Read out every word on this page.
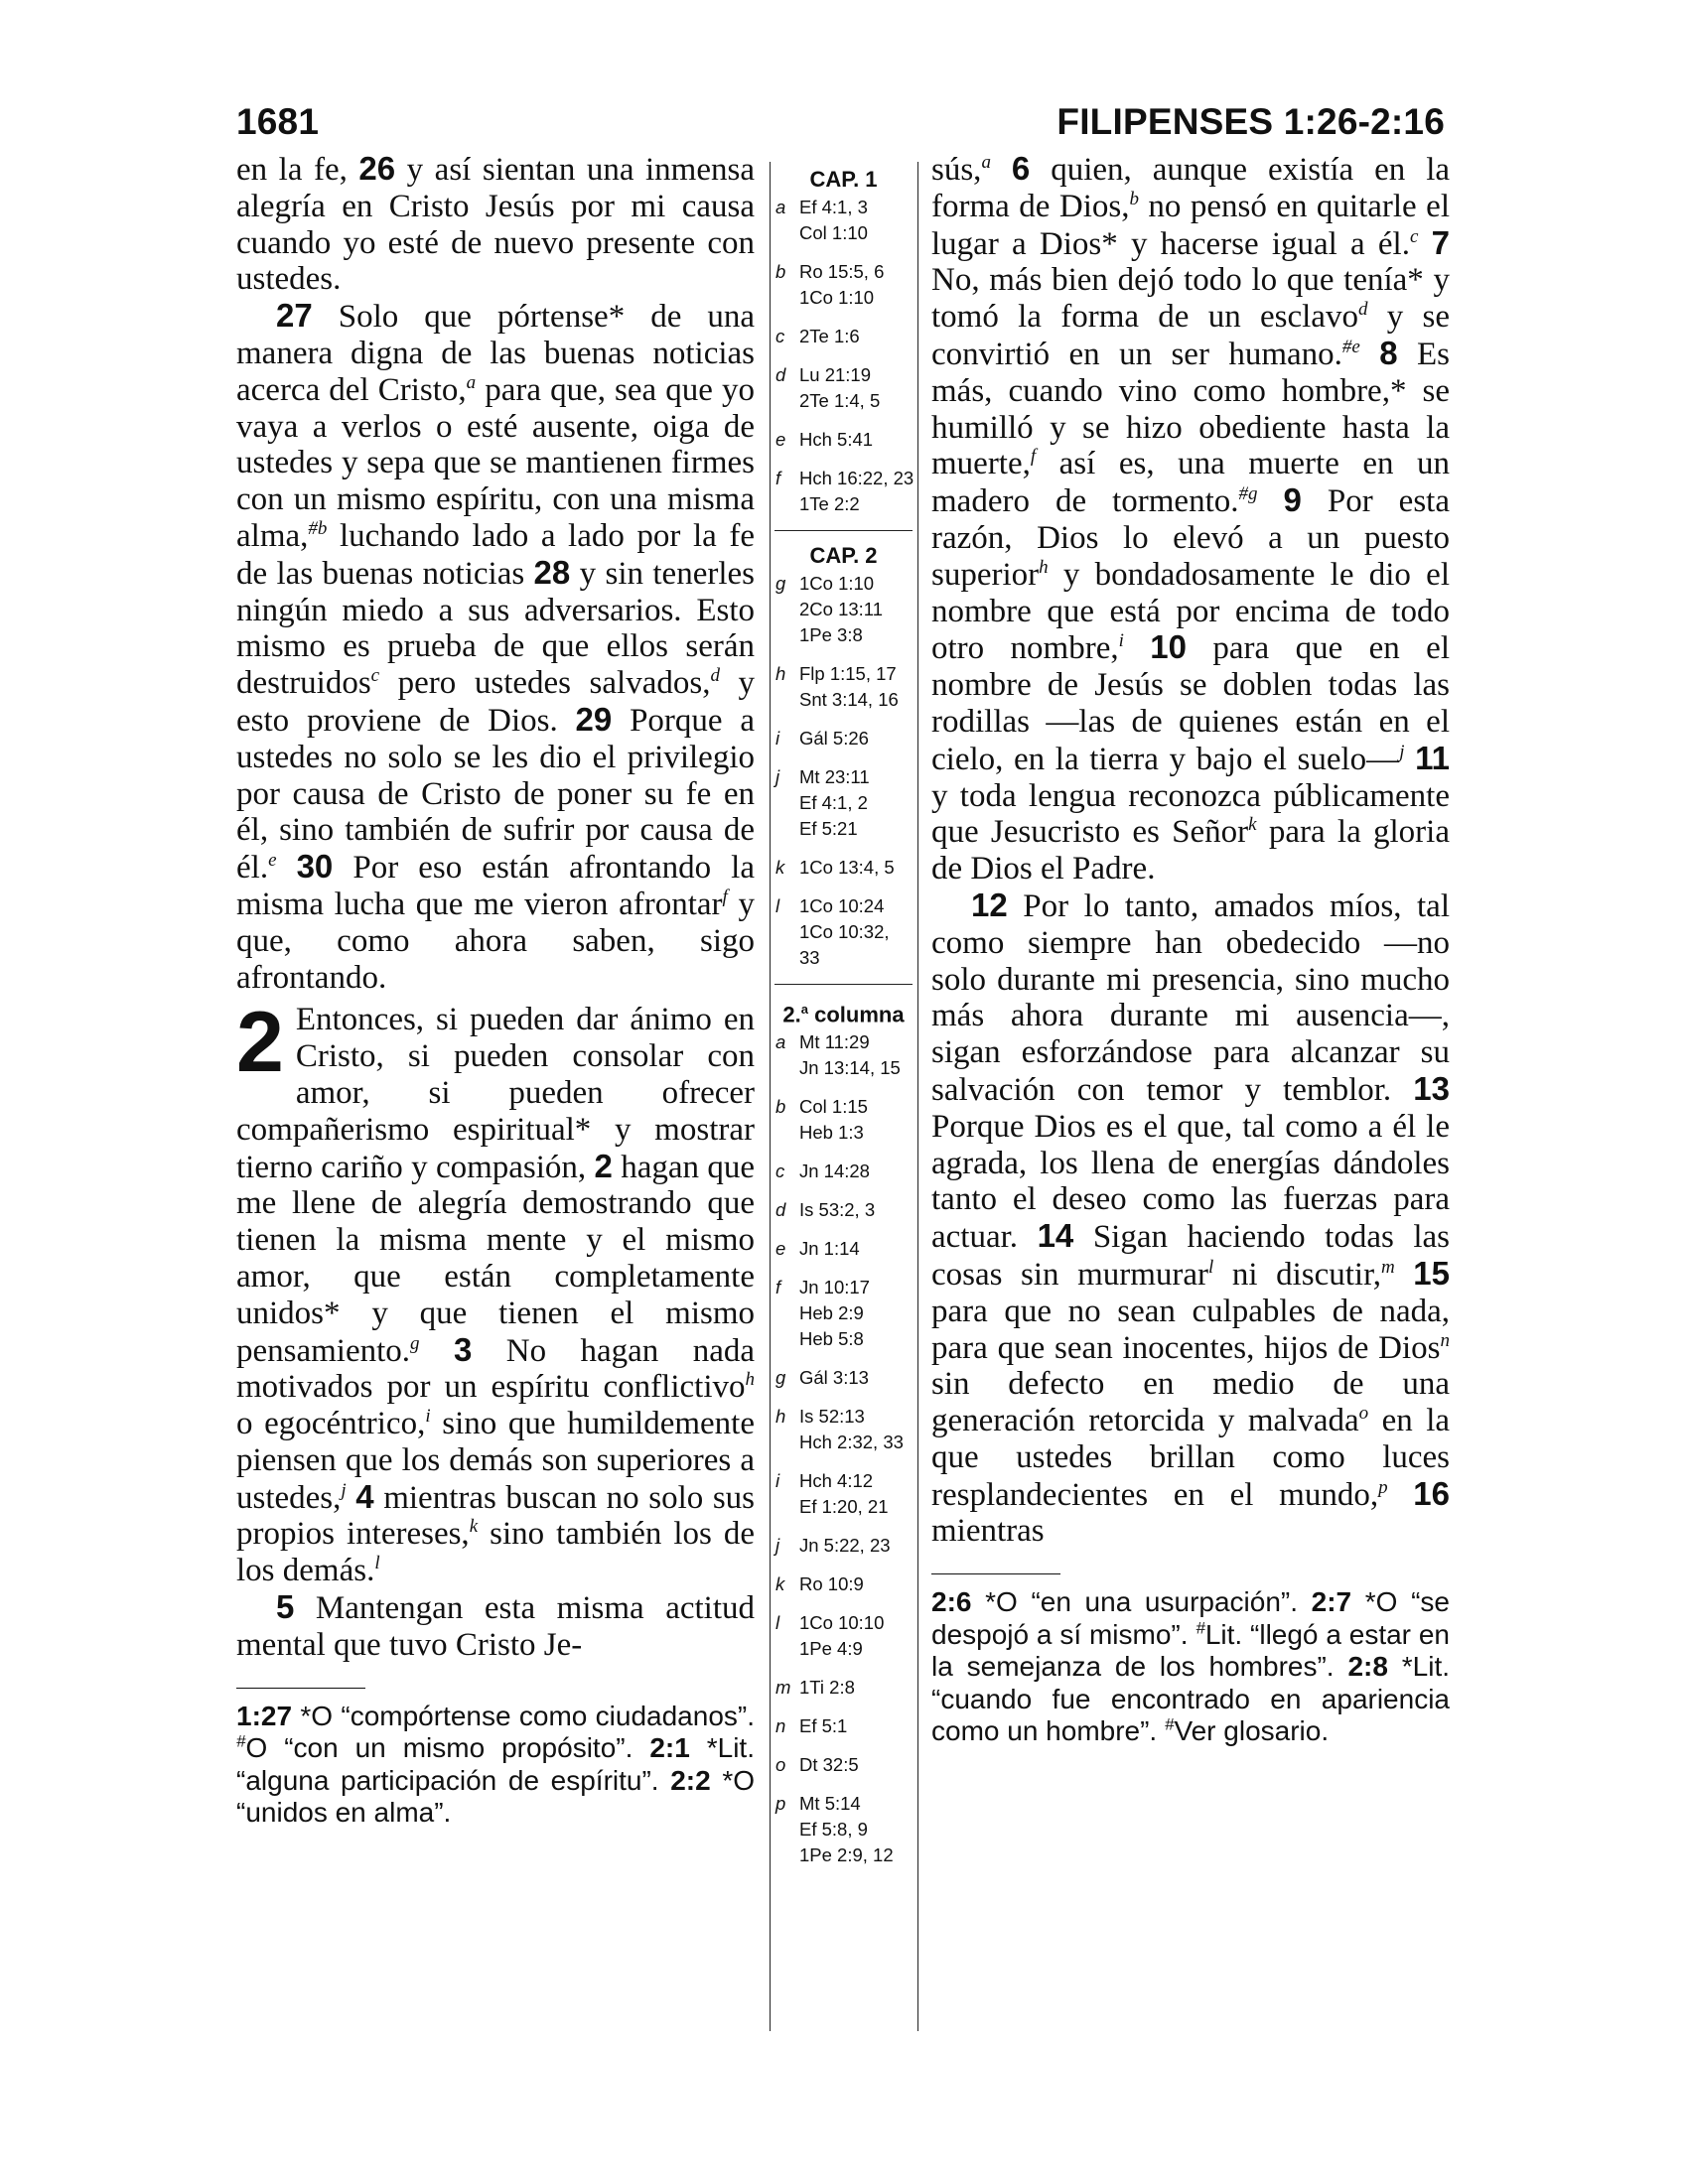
1681	FILIPENSES 1:26-2:16

en la fe, 26 y así sientan una inmensa alegría en Cristo Jesús por mi causa cuando yo esté de nuevo presente con ustedes.

27 Solo que pórtense* de una manera digna de las buenas noticias acerca del Cristo,$^a$ para que, sea que yo vaya a verlos o esté ausente, oiga de ustedes y sepa que se mantienen firmes con un mismo espíritu, con una misma alma,$^{\#b}$ luchando lado a lado por la fe de las buenas noticias 28 y sin tenerles ningún miedo a sus adversarios. Esto mismo es prueba de que ellos serán destruidos$^c$ pero ustedes salvados,$^d$ y esto proviene de Dios. 29 Porque a ustedes no solo se les dio el privilegio por causa de Cristo de poner su fe en él, sino también de sufrir por causa de él.$^e$ 30 Por eso están afrontando la misma lucha que me vieron afrontar$^f$ y que, como ahora saben, sigo afrontando.

2 Entonces, si pueden dar ánimo en Cristo, si pueden consolar con amor, si pueden ofrecer compañerismo espiritual* y mostrar tierno cariño y compasión, 2 hagan que me llene de alegría demostrando que tienen la misma mente y el mismo amor, que están completamente unidos* y que tienen el mismo pensamiento.$^g$ 3 No hagan nada motivados por un espíritu conflictivo$^h$ o egocéntrico,$^i$ sino que humildemente piensen que los demás son superiores a ustedes,$^j$ 4 mientras buscan no solo sus propios intereses,$^k$ sino también los de los demás.$^l$

5 Mantengan esta misma actitud mental que tuvo Cristo Je-

1:27 *O “compórtense como ciudadanos”. #O “con un mismo propósito”. 2:1 *Lit. “alguna participación de espíritu”. 2:2 *O “unidos en alma”.
CAP. 1
a Ef 4:1, 3
Col 1:10
b Ro 15:5, 6
1Co 1:10
c 2Te 1:6
d Lu 21:19
2Te 1:4, 5
e Hch 5:41
f	Hch 16:22, 23
1Te 2:2
CAP. 2
g 1Co 1:10
2Co 13:11
1Pe 3:8
h Flp 1:15, 17
Snt 3:14, 16
i	Gál 5:26
j	Mt 23:11
Ef 4:1, 2
Ef 5:21
k 1Co 13:4, 5
l	1Co 10:24
1Co 10:32, 33
2.$^a$ columna
a Mt 11:29
Jn 13:14, 15
b Col 1:15
Heb 1:3
c Jn 14:28
d Is 53:2, 3
e Jn 1:14
f	Jn 10:17
Heb 2:9
Heb 5:8
g Gál 3:13
h Is 52:13
Hch 2:32, 33
i	Hch 4:12
Ef 1:20, 21
j	Jn 5:22, 23
k Ro 10:9
l	1Co 10:10
1Pe 4:9
m 1Ti 2:8
n Ef 5:1
o Dt 32:5
p Mt 5:14
Ef 5:8, 9
1Pe 2:9, 12

sús,$^a$ 6 quien, aunque existía en la forma de Dios,$^b$ no pensó en quitarle el lugar a Dios* y hacerse igual a él.$^c$ 7 No, más bien dejó todo lo que tenía* y tomó la forma de un esclavo$^d$ y se convirtió en un ser humano.$^{\#e}$ 8 Es más, cuando vino como hombre,* se humilló y se hizo obediente hasta la muerte,$^f$ así es, una muerte en un madero de tormento.$^{\#g}$ 9 Por esta razón, Dios lo elevó a un puesto superior$^h$ y bondadosamente le dio el nombre que está por encima de todo otro nombre,$^i$ 10 para que en el nombre de Jesús se doblen todas las rodillas —las de quienes están en el cielo, en la tierra y bajo el suelo—$^j$ 11 y toda lengua reconozca públicamente que Jesucristo es Señor$^k$ para la gloria de Dios el Padre.

12 Por lo tanto, amados míos, tal como siempre han obedecido —no solo durante mi presencia, sino mucho más ahora durante mi ausencia—, sigan esforzándose para alcanzar su salvación con temor y temblor. 13 Porque Dios es el que, tal como a él le agrada, los llena de energías dándoles tanto el deseo como las fuerzas para actuar. 14 Sigan haciendo todas las cosas sin murmurar$^l$ ni discutir,$^m$ 15 para que no sean culpables de nada, para que sean inocentes, hijos de Dios$^n$ sin defecto en medio de una generación retorcida y malvada$^o$ en la que ustedes brillan como luces resplandecientes en el mundo,$^p$ 16 mientras

2:6 *O “en una usurpación”. 2:7 *O “se despojó a sí mismo”. #Lit. “llegó a estar en la semejanza de los hombres”. 2:8 *Lit. “cuando fue encontrado en apariencia como un hombre”. #Ver glosario.
